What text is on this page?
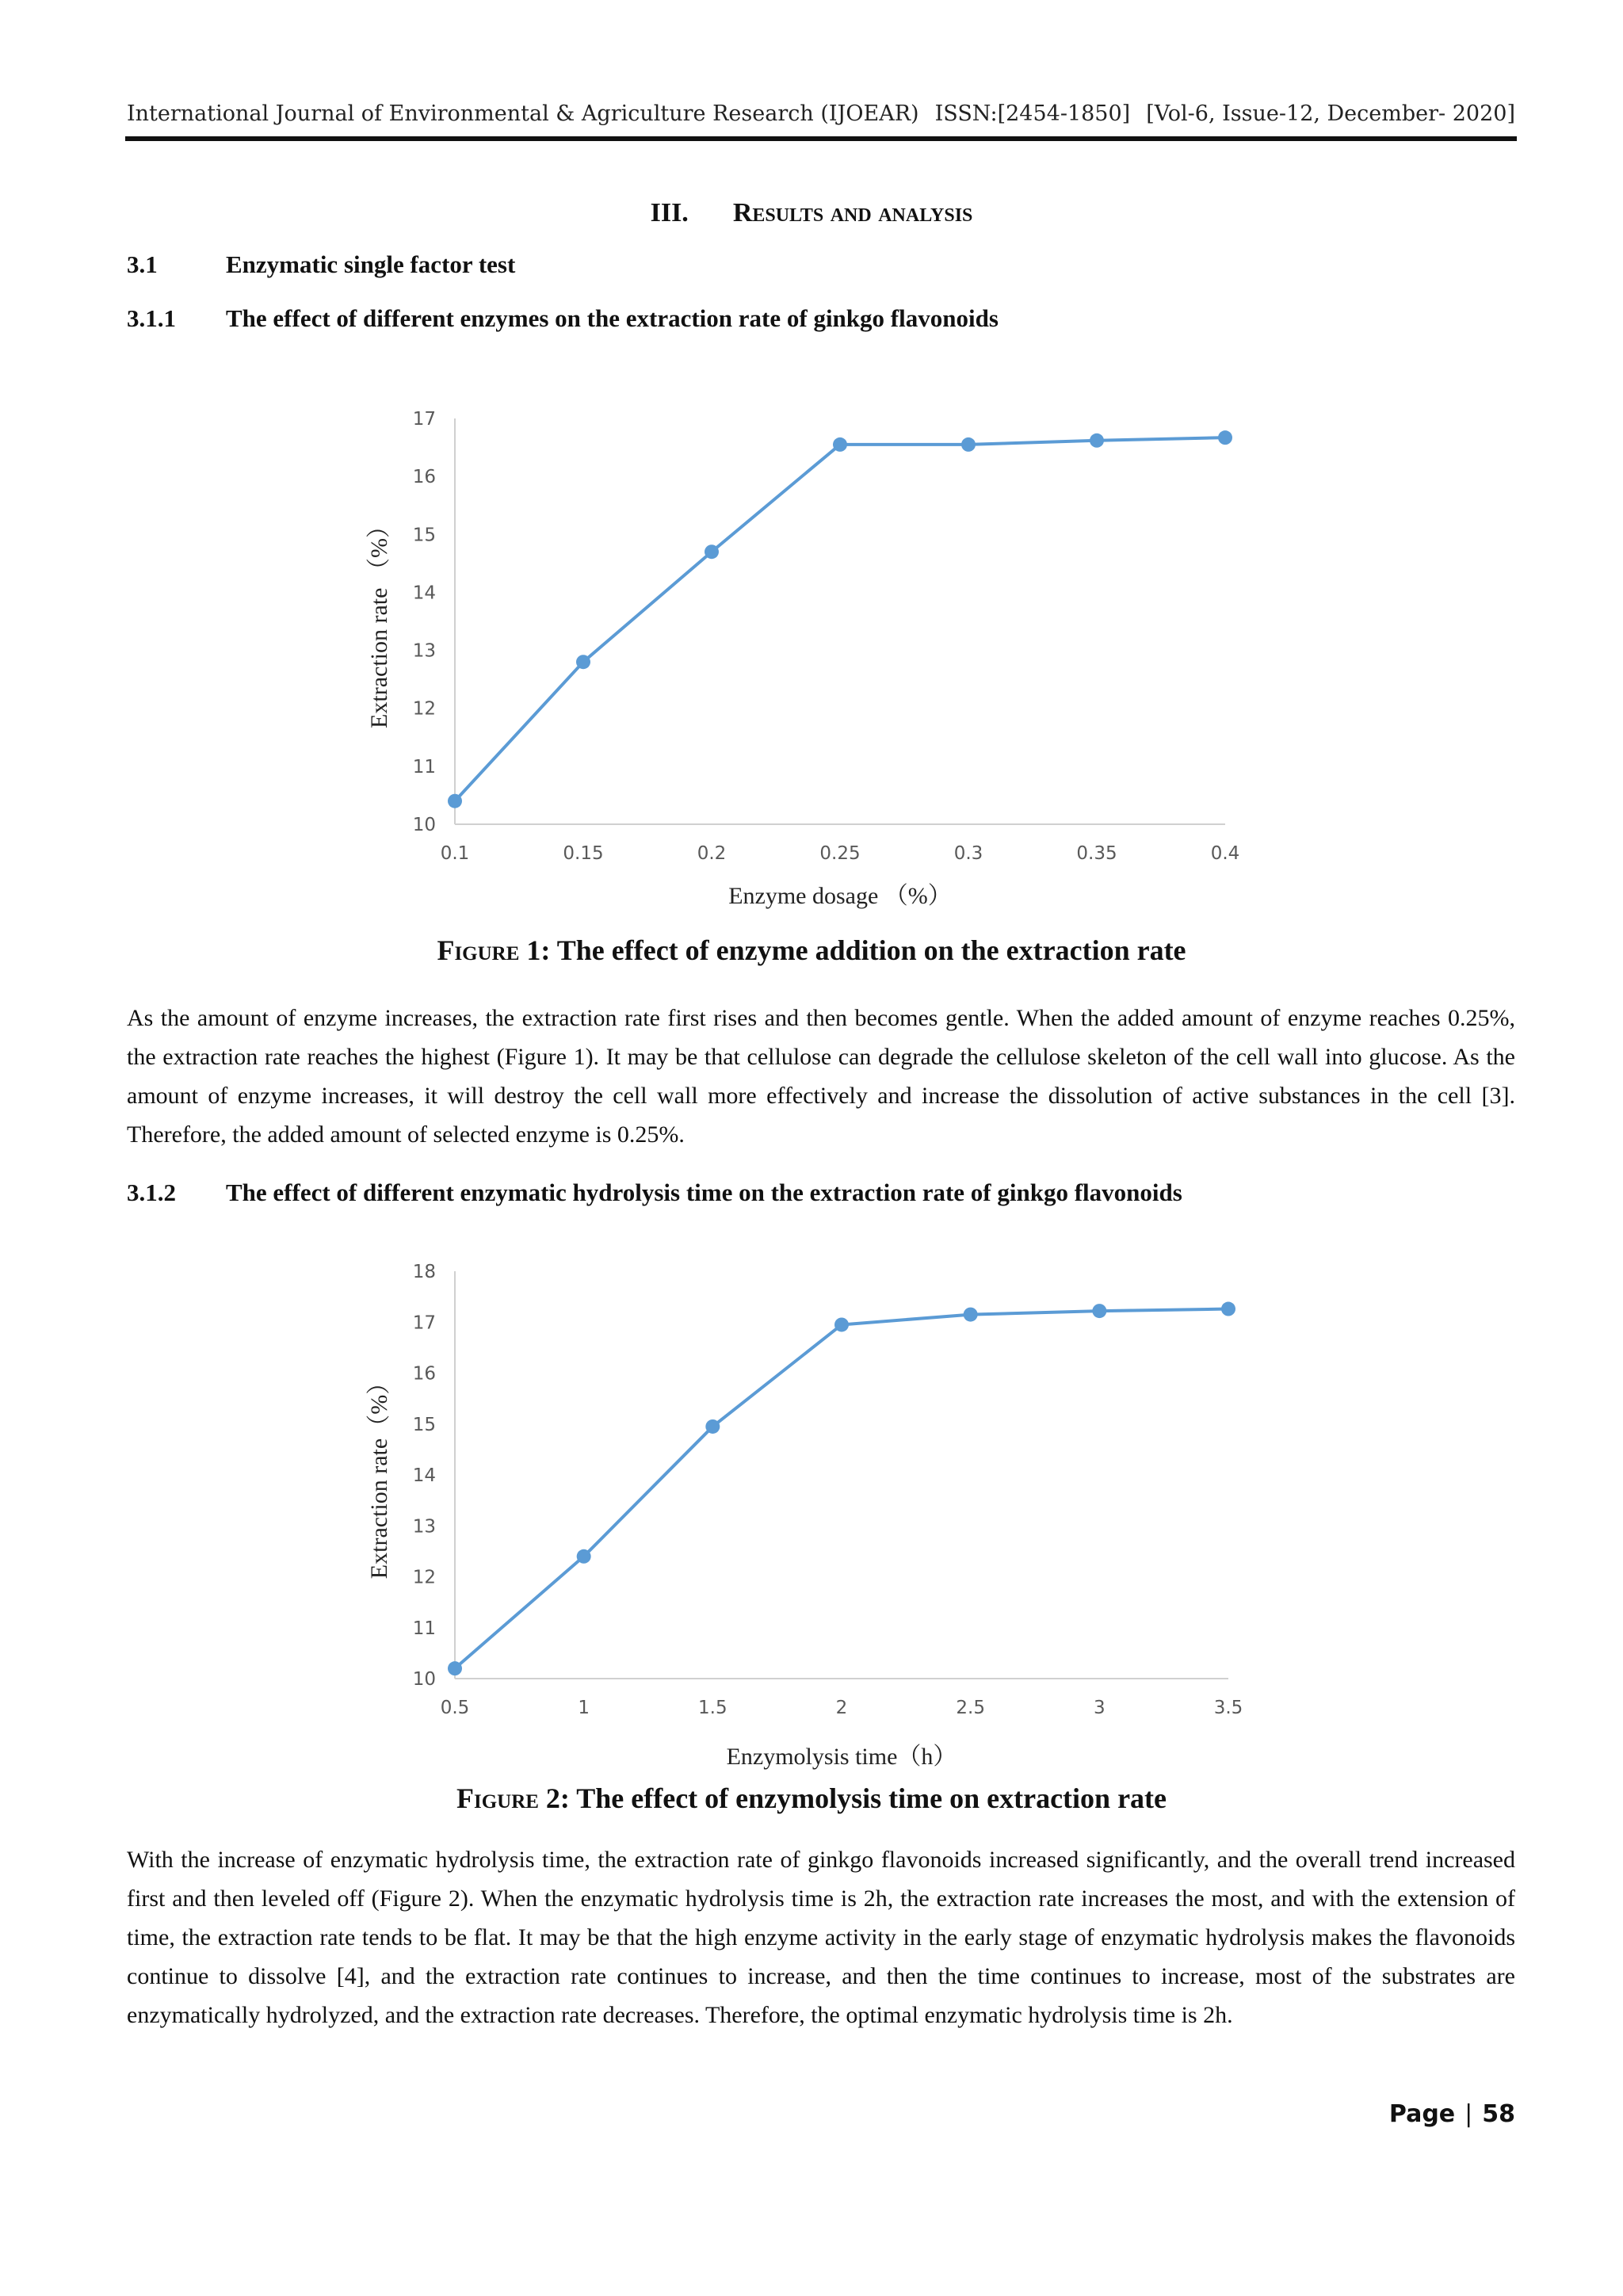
International Journal of Environmental & Agriculture Research (IJOEAR) ISSN:[2454-1850] [Vol-6, Issue-12, December- 2020]
III. Results and analysis
3.1	Enzymatic single factor test
3.1.1 The effect of different enzymes on the extraction rate of ginkgo flavonoids
10
11
12
13
14
15
16
17
0.1	0.15	0.2	0.25	0.3	0.35	0.4
Enzyme dosage （%）
Extraction rate （%）
Figure 1: The effect of enzyme addition on the extraction rate

As the amount of enzyme increases, the extraction rate first rises and then becomes gentle. When the added amount of enzyme reaches 0.25%, the extraction rate reaches the highest (Figure 1). It may be that cellulose can degrade the cellulose skeleton of the cell wall into glucose. As the amount of enzyme increases, it will destroy the cell wall more effectively and increase the dissolution of active substances in the cell [3]. Therefore, the added amount of selected enzyme is 0.25%.

3.1.2 The effect of different enzymatic hydrolysis time on the extraction rate of ginkgo flavonoids
10
11
12
13
14
15
16
17
18
0.5	1	1.5	2	2.5	3	3.5
Enzymolysis time（h）
Extraction rate（%）
Figure 2: The effect of enzymolysis time on extraction rate

With the increase of enzymatic hydrolysis time, the extraction rate of ginkgo flavonoids increased significantly, and the overall trend increased first and then leveled off (Figure 2). When the enzymatic hydrolysis time is 2h, the extraction rate increases the most, and with the extension of time, the extraction rate tends to be flat. It may be that the high enzyme activity in the early stage of enzymatic hydrolysis makes the flavonoids continue to dissolve [4], and the extraction rate continues to increase, and then the time continues to increase, most of the substrates are enzymatically hydrolyzed, and the extraction rate decreases. Therefore, the optimal enzymatic hydrolysis time is 2h.

Page | 58
